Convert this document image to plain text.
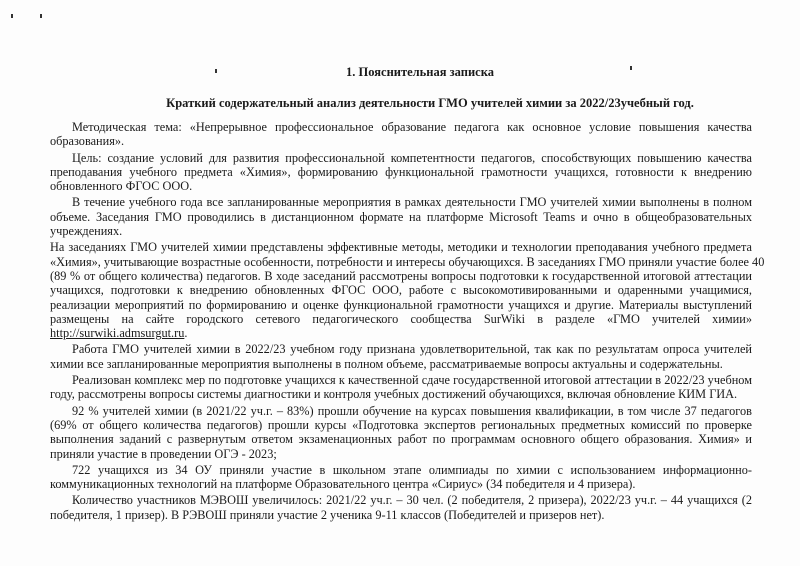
1. Пояснительная записка
Краткий содержательный анализ деятельности ГМО учителей химии за 2022/23учебный год.
Методическая тема: «Непрерывное профессиональное образование педагога как основное условие повышения качества
образования».
Цель: создание условий для развития профессиональной компетентности педагогов, способствующих повышению качества
преподавания учебного предмета «Химия», формированию функциональной грамотности учащихся, готовности к внедрению
обновленного ФГОС ООО.
В течение учебного года все запланированные мероприятия в рамках деятельности ГМО учителей химии выполнены в полном
объеме. Заседания ГМО проводились в дистанционном формате на платформе Microsoft Teams и очно в общеобразовательных
учреждениях.
На заседаниях ГМО учителей химии представлены эффективные методы, методики и технологии преподавания учебного предмета
«Химия», учитывающие возрастные особенности, потребности и интересы обучающихся. В заседаниях ГМО приняли участие более 40
(89 % от общего количества) педагогов. В ходе заседаний рассмотрены вопросы подготовки к государственной итоговой аттестации
учащихся, подготовки к внедрению обновленных ФГОС ООО, работе с высокомотивированными и одаренными учащимися,
реализации мероприятий по формированию и оценке функциональной грамотности учащихся и другие. Материалы выступлений
размещены на сайте городского сетевого педагогического сообщества SurWiki в разделе «ГМО учителей химии»
http://surwiki.admsurgut.ru.
Работа ГМО учителей химии в 2022/23 учебном году признана удовлетворительной, так как по результатам опроса учителей
химии все запланированные мероприятия выполнены в полном объеме, рассматриваемые вопросы актуальны и содержательны.
Реализован комплекс мер по подготовке учащихся к качественной сдаче государственной итоговой аттестации в 2022/23 учебном
году, рассмотрены вопросы системы диагностики и контроля учебных достижений обучающихся, включая обновление КИМ ГИА.
92 % учителей химии (в 2021/22 уч.г. – 83%) прошли обучение на курсах повышения квалификации, в том числе 37 педагогов
(69% от общего количества педагогов) прошли курсы «Подготовка экспертов региональных предметных комиссий по проверке
выполнения заданий с развернутым ответом экзаменационных работ по программам основного общего образования. Химия» и
приняли участие в проведении ОГЭ - 2023;
722 учащихся из 34 ОУ приняли участие в школьном этапе олимпиады по химии с использованием информационно-
коммуникационных технологий на платформе Образовательного центра «Сириус» (34 победителя и 4 призера).
Количество участников МЭВОШ увеличилось: 2021/22 уч.г. – 30 чел. (2 победителя, 2 призера), 2022/23 уч.г. – 44 учащихся (2
победителя, 1 призер). В РЭВОШ приняли участие 2 ученика 9-11 классов (Победителей и призеров нет).
